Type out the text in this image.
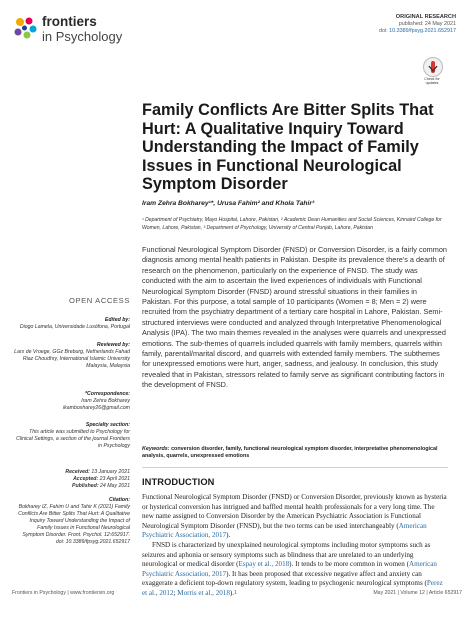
frontiers
in Psychology
ORIGINAL RESEARCH
published: 24 May 2021
doi: 10.3389/fpsyg.2021.652917
Check for updates
Family Conflicts Are Bitter Splits That Hurt: A Qualitative Inquiry Toward Understanding the Impact of Family Issues in Functional Neurological Symptom Disorder
Iram Zehra Bokharey¹*, Urusa Fahim² and Khola Tahir³
¹ Department of Psychiatry, Mayo Hospital, Lahore, Pakistan, ² Academic Dean Humanities and Social Sciences, Kinnaird College for Women, Lahore, Pakistan, ³ Department of Psychology, University of Central Punjab, Lahore, Pakistan
Functional Neurological Symptom Disorder (FNSD) or Conversion Disorder, is a fairly common diagnosis among mental health patients in Pakistan. Despite its prevalence there's a dearth of research on the phenomenon, particularly on the experience of FNSD. The study was conducted with the aim to ascertain the lived experiences of individuals with Functional Neurological Symptom Disorder (FNSD) around stressful situations in their families in Pakistan. For this purpose, a total sample of 10 participants (Women = 8; Men = 2) were recruited from the psychiatry department of a tertiary care hospital in Lahore, Pakistan. Semi-structured interviews were conducted and analyzed through Interpretative Phenomenological Analysis (IPA). The two main themes revealed in the analyses were quarrels and unexpressed emotions. The sub-themes of quarrels included quarrels with family members, quarrels within family, parental/marital discord, and quarrels with extended family members. The subthemes for unexpressed emotions were hurt, anger, sadness, and jealousy. In conclusion, this study revealed that in Pakistan, stressors related to family serve as significant contributing factors in the development of FNSD.
Keywords: conversion disorder, family, functional neurological symptom disorder, interpretative phenomenological analysis, quarrels, unexpressed emotions
INTRODUCTION
Functional Neurological Symptom Disorder (FNSD) or Conversion Disorder, previously known as hysteria or hysterical conversion has intrigued and baffled mental health professionals for a very long time. The new name assigned to Conversion Disorder by the American Psychiatric Association is Functional Neurological Symptom Disorder (FNSD), but the two terms can be used interchangeably (American Psychiatric Association, 2017).
FNSD is characterized by unexplained neurological symptoms including motor symptoms such as seizures and aphonia or sensory symptoms such as blindness that are unrelated to an underlying neurological or medical disorder (Espay et al., 2018). It tends to be more common in women (American Psychiatric Association, 2017). It has been proposed that excessive negative affect and anxiety can exaggerate a deficient top-down regulatory system, leading to psychogenic neurological symptoms (Perez et al., 2012; Morris et al., 2018).
OPEN ACCESS
Edited by:
Diogo Lamela, Universidade Lusófona, Portugal
Reviewed by:
Lars de Vroege, GGz Breburg, Netherlands Fahad Riaz Choudhry, International Islamic University Malaysia, Malaysia
*Correspondence:
Iram Zehra Bokharey
ikamboxharey26@gmail.com
Specialty section:
This article was submitted to Psychology for Clinical Settings, a section of the journal Frontiers in Psychology
Received: 13 January 2021
Accepted: 23 April 2021
Published: 24 May 2021
Citation:
Bokharey IZ, Fahim U and Tahir K (2021) Family Conflicts Are Bitter Splits That Hurt: A Qualitative Inquiry Toward Understanding the Impact of Family Issues in Functional Neurological Symptom Disorder. Front. Psychol. 12:652917. doi: 10.3389/fpsyg.2021.652917
Frontiers in Psychology | www.frontiersin.org	1	May 2021 | Volume 12 | Article 652917
